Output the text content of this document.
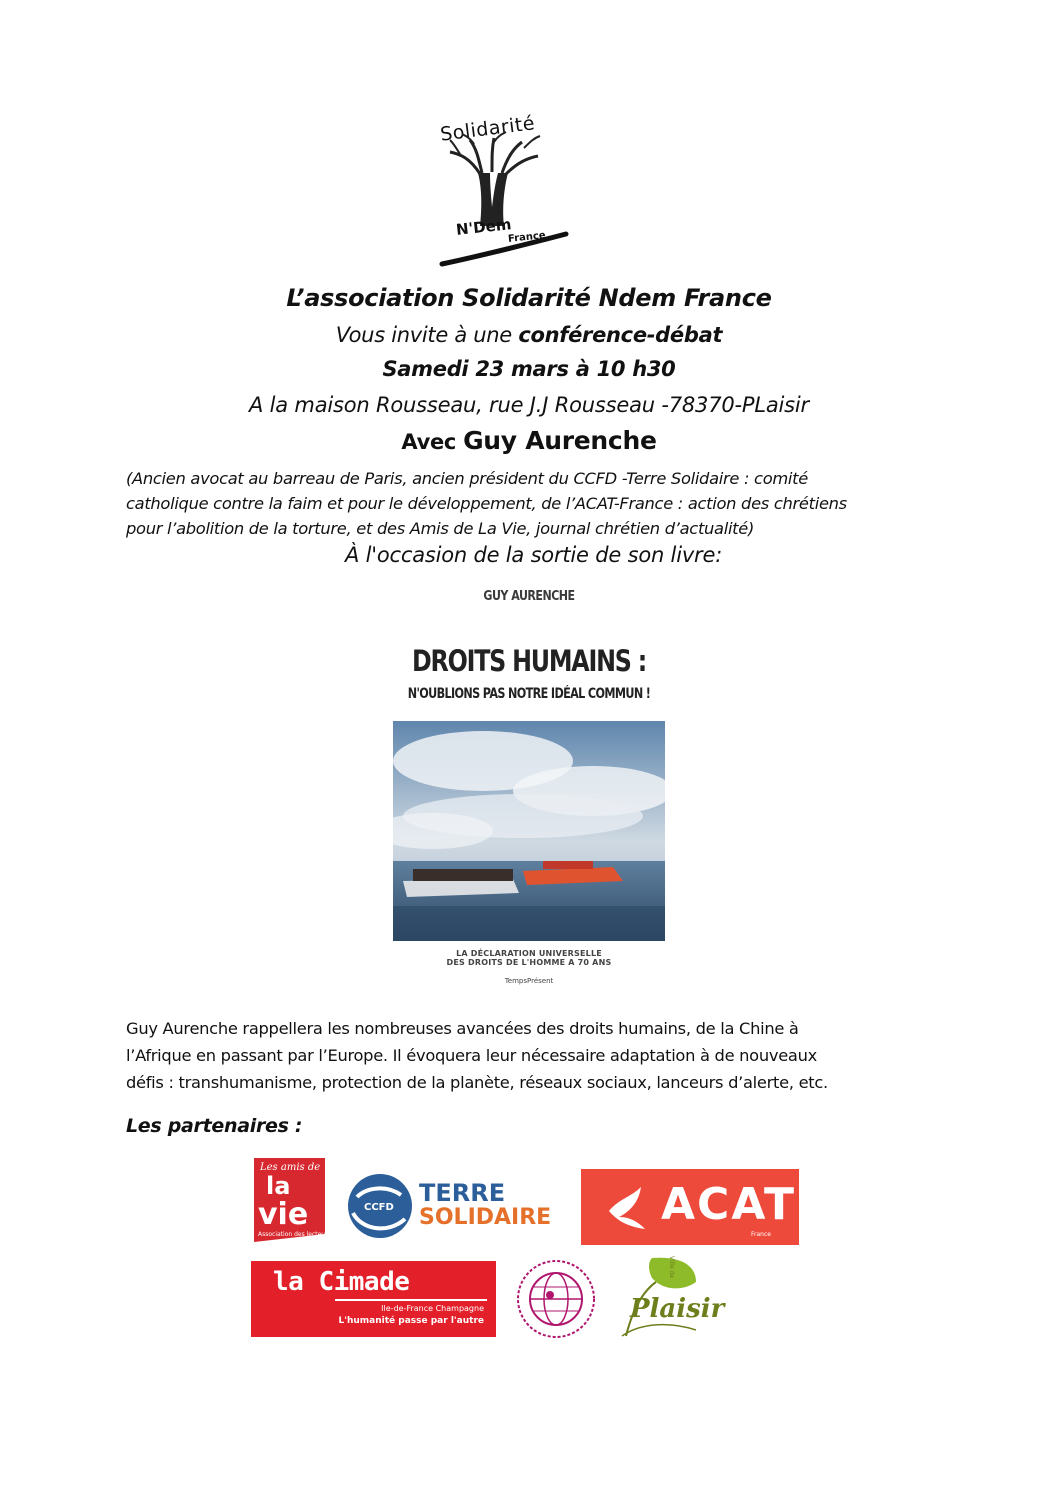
Solidarité
N'Dem
France
L’association Solidarité Ndem France
Vous invite à une conférence-débat
Samedi 23 mars à 10 h30
A la maison Rousseau, rue J.J Rousseau -78370-PLaisir
Avec Guy Aurenche
(Ancien avocat au barreau de Paris, ancien président du CCFD -Terre Solidaire : comité
catholique contre la faim et pour le développement, de l’ACAT-France : action des chrétiens
pour l’abolition de la torture, et des Amis de La Vie, journal chrétien d’actualité)
À l'occasion de la sortie de son livre:
GUY AURENCHE
DROITS HUMAINS :
N'OUBLIONS PAS NOTRE IDÉAL COMMUN !
LA DÉCLARATION UNIVERSELLE
DES DROITS DE L'HOMME A 70 ANS
TempsPrésent
Guy Aurenche rappellera les nombreuses avancées des droits humains, de la Chine à
l’Afrique en passant par l’Europe. Il évoquera leur nécessaire adaptation à de nouveaux
défis : transhumanisme, protection de la planète, réseaux sociaux, lanceurs d’alerte, etc.
Les partenaires :
Les amis de
la
vie
Association des lecteurs
CCFD
TERRE
SOLIDAIRE ACAT
France
la Cimade
Ile-de-France Champagne
L'humanité passe par l'autre
Ville de
Plaisir
